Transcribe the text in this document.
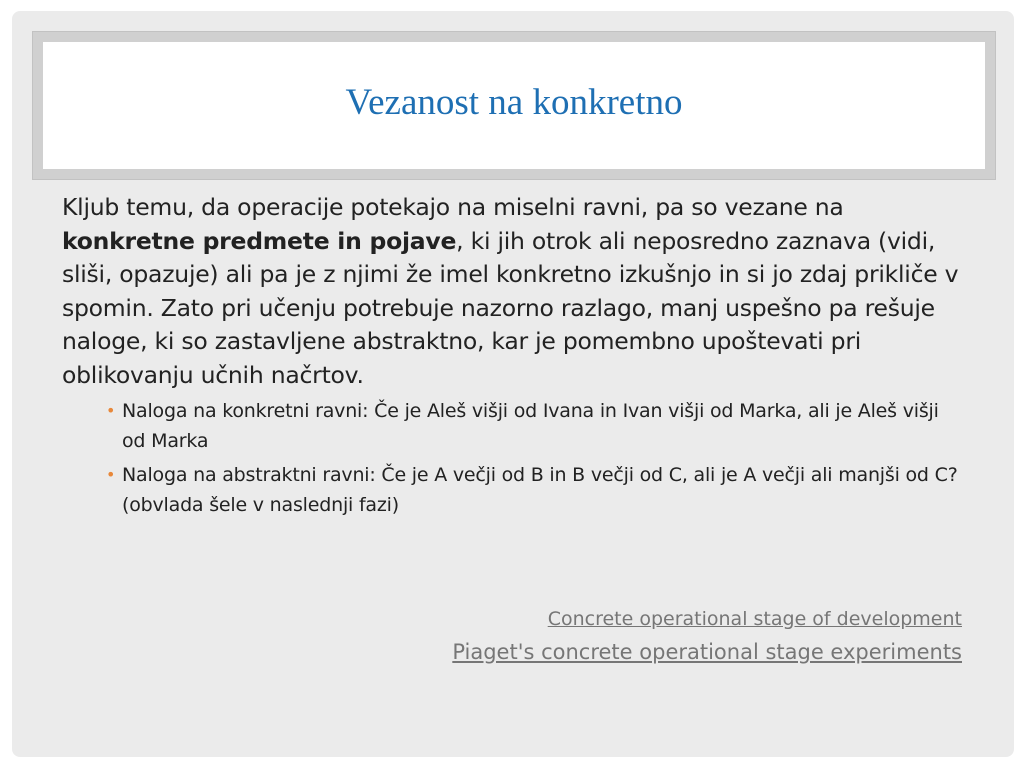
Vezanost na konkretno

Kljub temu, da operacije potekajo na miselni ravni, pa so vezane na konkretne predmete in pojave, ki jih otrok ali neposredno zaznava (vidi, sliši, opazuje) ali pa je z njimi že imel konkretno izkušnjo in si jo zdaj prikliče v spomin. Zato pri učenju potrebuje nazorno razlago, manj uspešno pa rešuje naloge, ki so zastavljene abstraktno, kar je pomembno upoštevati pri oblikovanju učnih načrtov.

• Naloga na konkretni ravni: Če je Aleš višji od Ivana in Ivan višji od Marka, ali je Aleš višji od Marka
• Naloga na abstraktni ravni: Če je A večji od B in B večji od C, ali je A večji ali manjši od C? (obvlada šele v naslednji fazi)
Concrete operational stage of development
Piaget's concrete operational stage experiments
